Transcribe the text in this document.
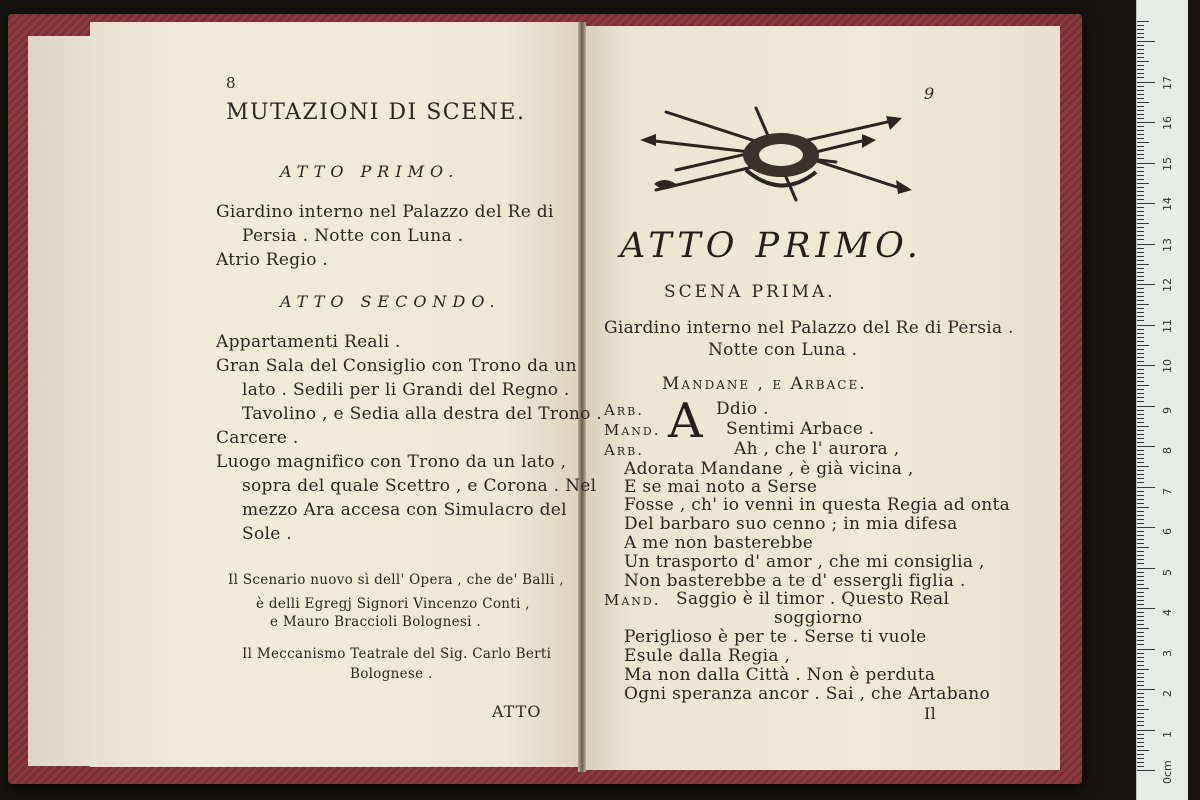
8
MUTAZIONI DI SCENE.
ATTO PRIMO.
Giardino interno nel Palazzo del Re di
Persia . Notte con Luna .
Atrio Regio .
ATTO SECONDO.
Appartamenti Reali .
Gran Sala del Consiglio con Trono da un
lato . Sedili per li Grandi del Regno .
Tavolino , e Sedia alla destra del Trono .
Carcere .
Luogo magnifico con Trono da un lato ,
sopra del quale Scettro , e Corona . Nel
mezzo Ara accesa con Simulacro del
Sole .
Il Scenario nuovo sì dell' Opera , che de' Balli ,
è delli Egregj Signori Vincenzo Conti ,
e Mauro Braccioli Bolognesi .
Il Meccanismo Teatrale del Sig. Carlo Berti
Bolognese .
ATTO
9
ATTO PRIMO.
SCENA PRIMA.
Giardino interno nel Palazzo del Re di Persia .
Notte con Luna .
Mandane , e Arbace.
A
Arb.	Ddio .
Mand.	Sentimi Arbace .
Arb.	Ah , che l' aurora ,
Adorata Mandane , è già vicina ,
E se mai noto a Serse
Fosse , ch' io venni in questa Regia ad onta
Del barbaro suo cenno ; in mia difesa
A me non basterebbe
Un trasporto d' amor , che mi consiglia ,
Non basterebbe a te d' essergli figlia .
Mand. Saggio è il timor . Questo Real
soggiorno
Periglioso è per te . Serse ti vuole
Esule dalla Regia ,
Ma non dalla Città . Non è perduta
Ogni speranza ancor . Sai , che Artabano
Il
0cm
1
2
3
4
5
6
7
8
9
10
11
12
13
14
15
16
17
